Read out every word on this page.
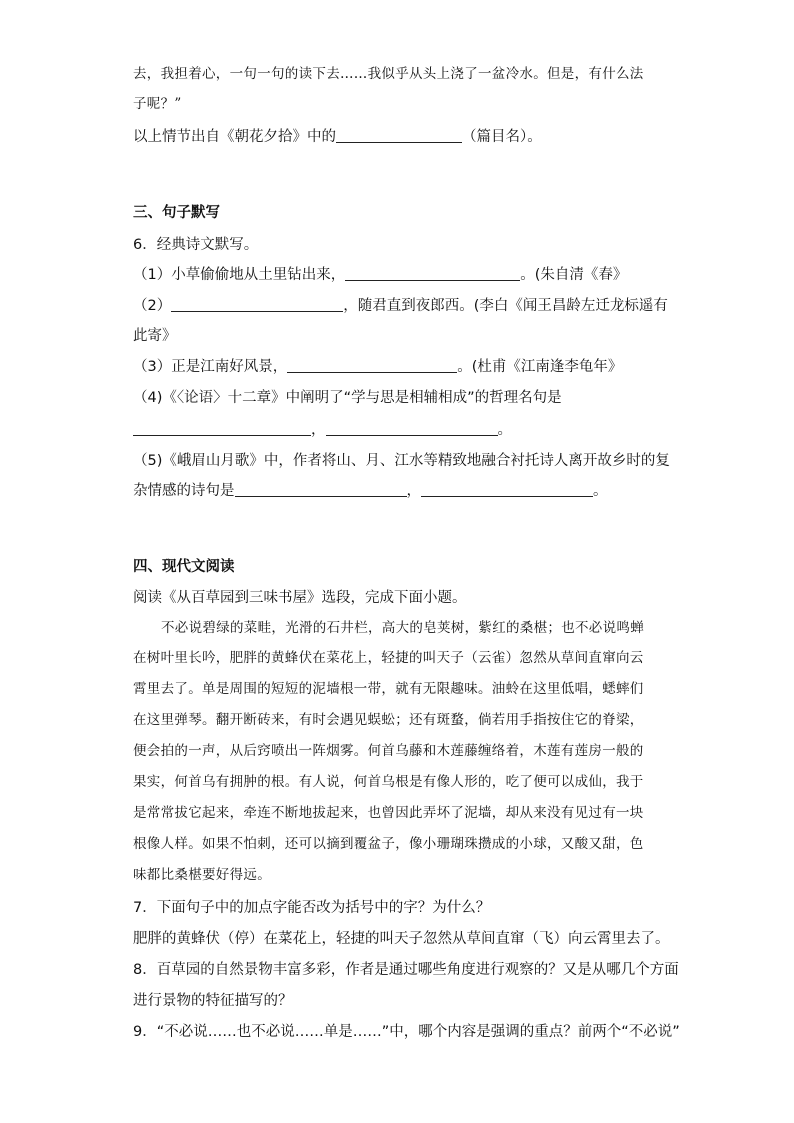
去，我担着心，一句一句的读下去……我似乎从头上浇了一盆冷水。但是，有什么法
子呢？”
以上情节出自《朝花夕拾》中的	（篇目名）。
三、句子默写
6．经典诗文默写。
（1）小草偷偷地从土里钻出来，	。(朱自清《春》
（2）	，随君直到夜郎西。(李白《闻王昌龄左迁龙标遥有
此寄》
（3）正是江南好风景，	。(杜甫《江南逢李龟年》
（4)《〈论语〉十二章》中阐明了“学与思是相辅相成”的哲理名句是
，	。
（5)《峨眉山月歌》中，作者将山、月、江水等精致地融合衬托诗人离开故乡时的复
杂情感的诗句是	，	。
四、现代文阅读
阅读《从百草园到三味书屋》选段，完成下面小题。
不必说碧绿的菜畦，光滑的石井栏，高大的皂荚树，紫红的桑椹；也不必说鸣蝉
在树叶里长吟，肥胖的黄蜂伏在菜花上，轻捷的叫天子（云雀）忽然从草间直窜向云
霄里去了。单是周围的短短的泥墙根一带，就有无限趣味。油蛉在这里低唱，蟋蟀们
在这里弹琴。翻开断砖来，有时会遇见蜈蚣；还有斑蝥，倘若用手指按住它的脊梁，
便会拍的一声，从后窍喷出一阵烟雾。何首乌藤和木莲藤缠络着，木莲有莲房一般的
果实，何首乌有拥肿的根。有人说，何首乌根是有像人形的，吃了便可以成仙，我于
是常常拔它起来，牵连不断地拔起来，也曾因此弄坏了泥墙，却从来没有见过有一块
根像人样。如果不怕刺，还可以摘到覆盆子，像小珊瑚珠攒成的小球，又酸又甜，色
味都比桑椹要好得远。
7．下面句子中的加点字能否改为括号中的字？为什么？
肥胖的黄蜂伏（停）在菜花上，轻捷的叫天子忽然从草间直窜（飞）向云霄里去了。
8．百草园的自然景物丰富多彩，作者是通过哪些角度进行观察的？又是从哪几个方面
进行景物的特征描写的？
9．“不必说……也不必说……单是……”中，哪个内容是强调的重点？前两个“不必说”
